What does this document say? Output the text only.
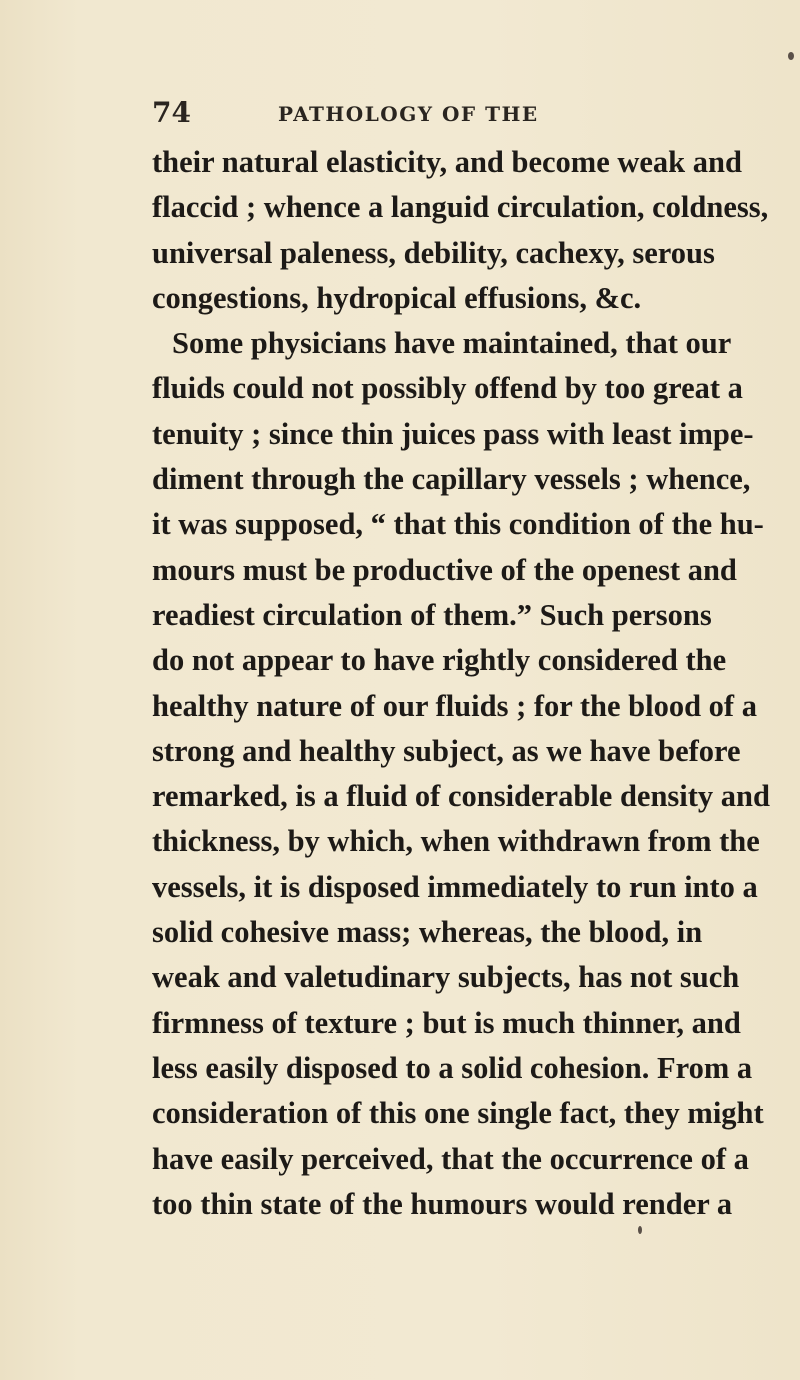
74	PATHOLOGY OF THE
their natural elasticity, and become weak and
flaccid ; whence a languid circulation, coldness,
universal paleness, debility, cachexy, serous
congestions, hydropical effusions, &c.
Some physicians have maintained, that our
fluids could not possibly offend by too great a
tenuity ; since thin juices pass with least impe-
diment through the capillary vessels ; whence,
it was supposed, “ that this condition of the hu-
mours must be productive of the openest and
readiest circulation of them.” Such persons
do not appear to have rightly considered the
healthy nature of our fluids ; for the blood of a
strong and healthy subject, as we have before
remarked, is a fluid of considerable density and
thickness, by which, when withdrawn from the
vessels, it is disposed immediately to run into a
solid cohesive mass; whereas, the blood, in
weak and valetudinary subjects, has not such
firmness of texture ; but is much thinner, and
less easily disposed to a solid cohesion. From a
consideration of this one single fact, they might
have easily perceived, that the occurrence of a
too thin state of the humours would render a
